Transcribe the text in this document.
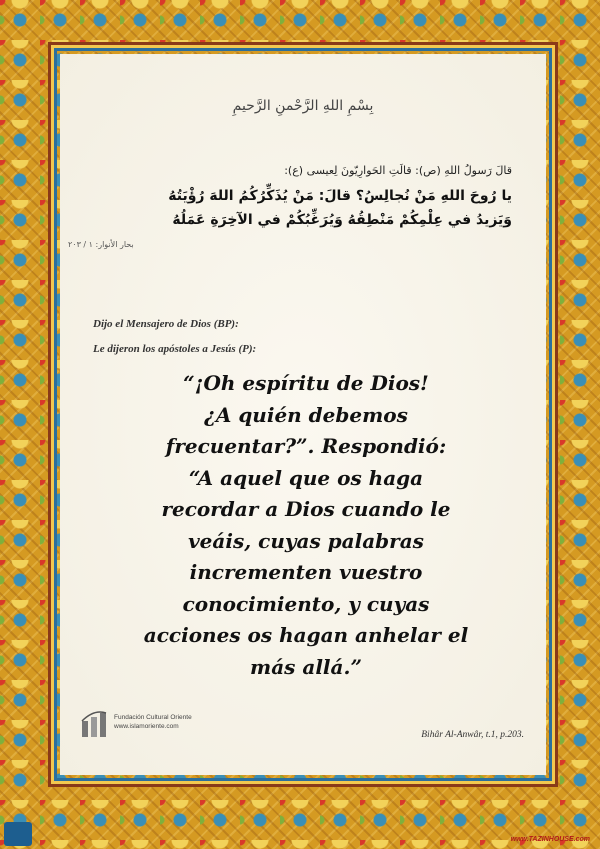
بِسْمِ اللهِ الرَّحْمنِ الرَّحيمِ
قالَ رَسولُ اللهِ (ص): قالَتِ الحَوارِيّونَ لِعيسى (ع):
يا رُوحَ اللهِ مَنْ نُجالِسُ؟ قالَ: مَنْ يُذَكِّرُكُمُ اللهَ رُؤْيَتُهُ
وَيَزيدُ في عِلْمِكُمْ مَنْطِقُهُ وَيُرَغِّبُكُمْ في الآخِرَةِ عَمَلُهُ
بحار الأنوار: ١ / ٢٠٣
Dijo el Mensajero de Dios (BP):
Le dijeron los apóstoles a Jesús (P):
“¡Oh espíritu de Dios!
¿A quién debemos
frecuentar?”. Respondió:
“A aquel que os haga
recordar a Dios cuando le
veáis, cuyas palabras
incrementen vuestro
conocimiento, y cuyas
acciones os hagan anhelar el
más allá.”
Fundación Cultural Oriente
www.islamoriente.com
Bihâr Al-Anwâr, t.1, p.203.
www.TAZINHOUSE.com
